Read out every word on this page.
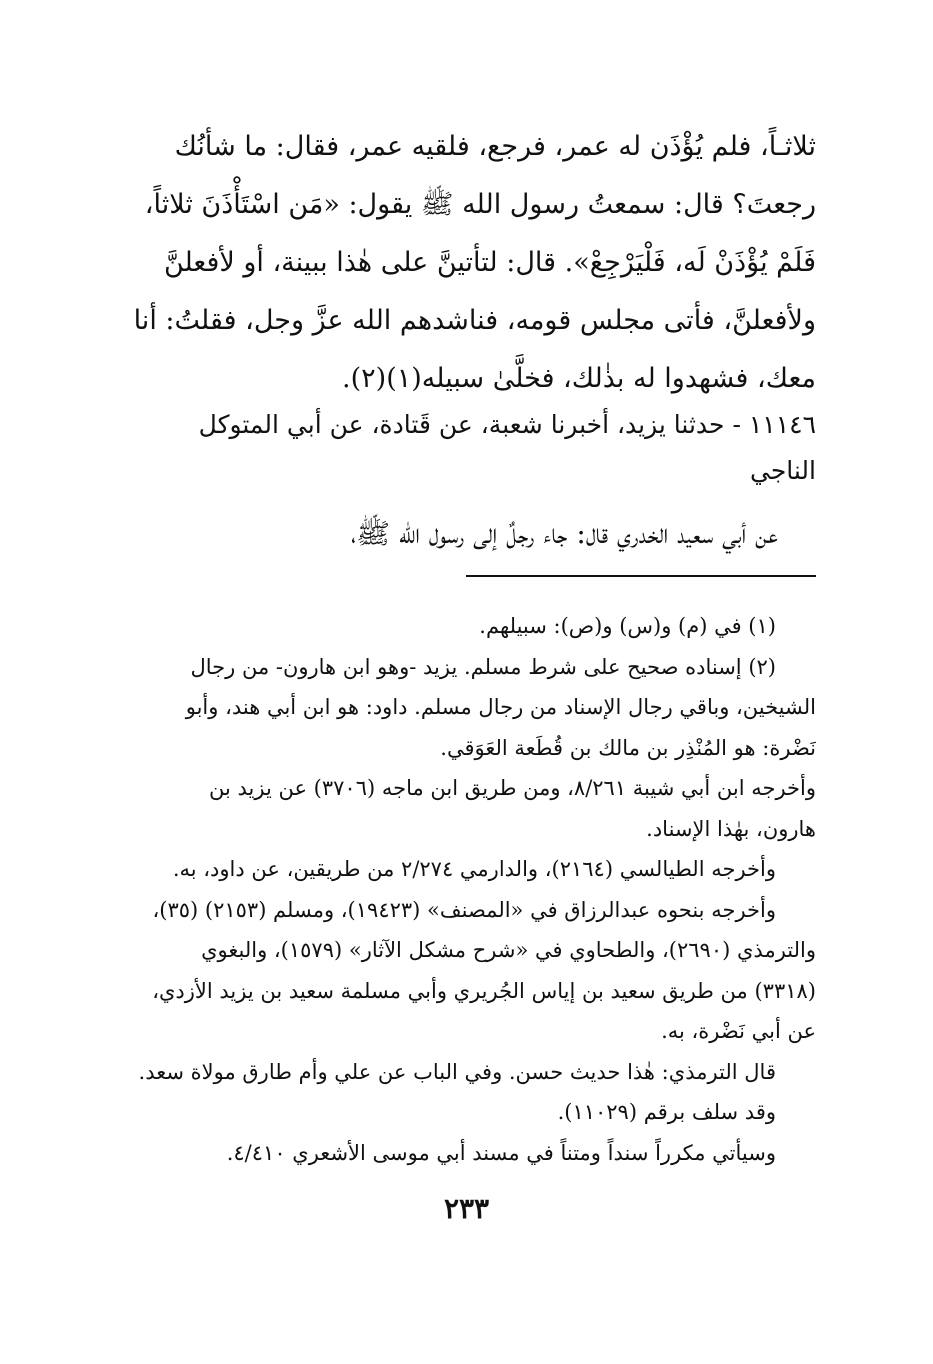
ثلاثـاً، فلم يُؤْذَن له عمر، فرجع، فلقيه عمر، فقال: ما شأنُك
رجعتَ؟ قال: سمعتُ رسول الله ﷺ يقول: «مَن اسْتَأْذَنَ ثلاثاً،
فَلَمْ يُؤْذَنْ لَه، فَلْيَرْجِعْ». قال: لتأتينَّ على هٰذا ببينة، أو لأفعلنَّ
ولأفعلنَّ، فأتى مجلس قومه، فناشدهم الله عزَّ وجل، فقلتُ: أنا
معك، فشهدوا له بذٰلك، فخلَّىٰ سبيله(١)(٢).
١١١٤٦ - حدثنا يزيد، أخبرنا شعبة، عن قَتادة، عن أبي المتوكل
الناجي
عن أبي سعيد الخدري قال: جاء رجلٌ إلى رسول الله ﷺ،
(١) في (م) و(س) و(ص): سبيلهم.
(٢) إسناده صحيح على شرط مسلم. يزيد -وهو ابن هارون- من رجال
الشيخين، وباقي رجال الإسناد من رجال مسلم. داود: هو ابن أبي هند، وأبو
نَضْرة: هو المُنْذِر بن مالك بن قُطَعة العَوَقي.
وأخرجه ابن أبي شيبة ٨/٢٦١، ومن طريق ابن ماجه (٣٧٠٦) عن يزيد بن
هارون، بهٰذا الإسناد.
وأخرجه الطيالسي (٢١٦٤)، والدارمي ٢/٢٧٤ من طريقين، عن داود، به.
وأخرجه بنحوه عبدالرزاق في «المصنف» (١٩٤٢٣)، ومسلم (٢١٥٣) (٣٥)،
والترمذي (٢٦٩٠)، والطحاوي في «شرح مشكل الآثار» (١٥٧٩)، والبغوي
(٣٣١٨) من طريق سعيد بن إياس الجُريري وأبي مسلمة سعيد بن يزيد الأزدي،
عن أبي نَضْرة، به.
قال الترمذي: هٰذا حديث حسن. وفي الباب عن علي وأم طارق مولاة سعد.
وقد سلف برقم (١١٠٢٩).
وسيأتي مكرراً سنداً ومتناً في مسند أبي موسى الأشعري ٤/٤١٠.
٢٣٣
